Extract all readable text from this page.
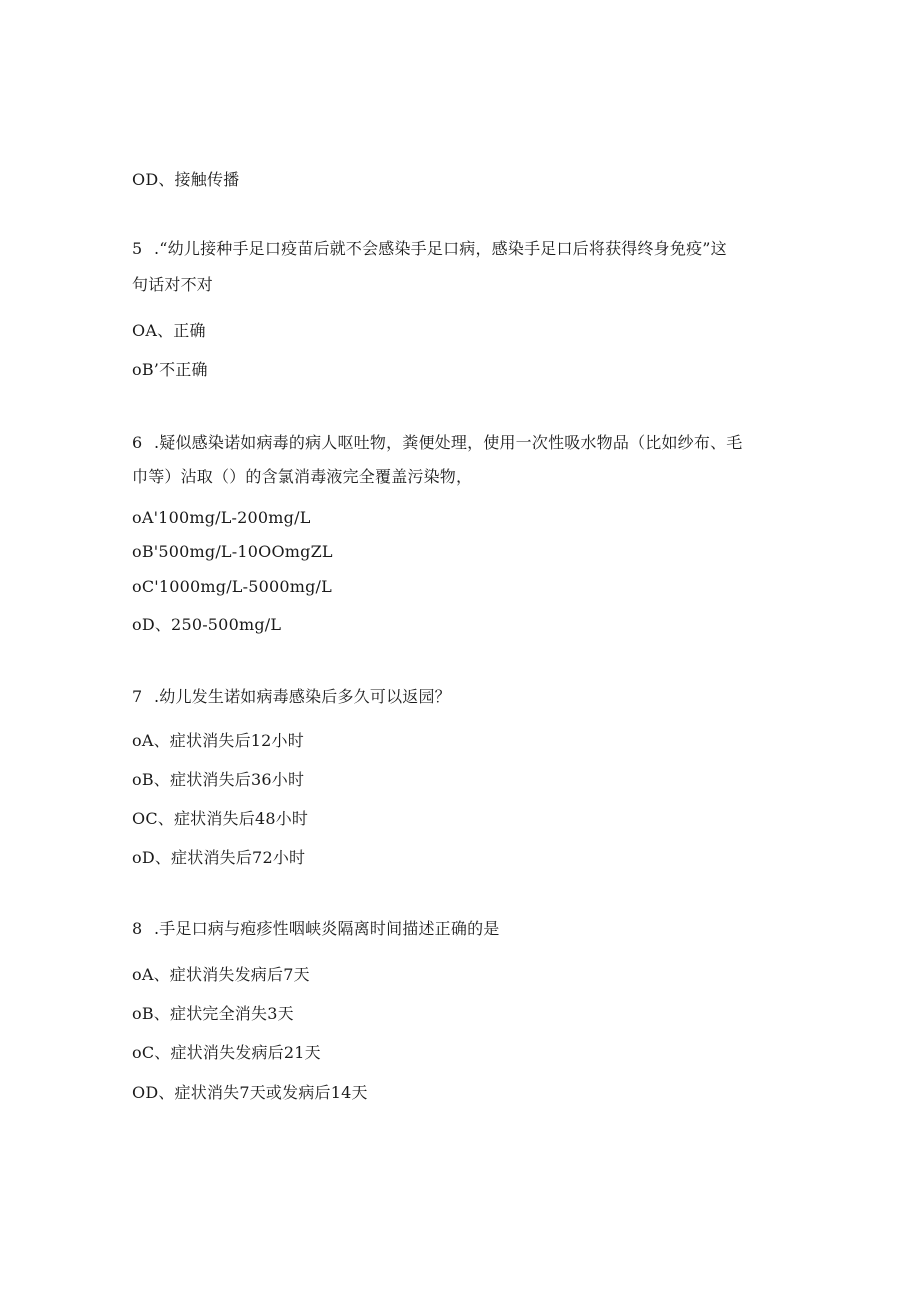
OD、接触传播
5 .“幼儿接种手足口疫苗后就不会感染手足口病，感染手足口后将获得终身免疫”这
句话对不对
OA、正确
oB’不正确
6 .疑似感染诺如病毒的病人呕吐物，粪便处理，使用一次性吸水物品（比如纱布、毛
巾等）沾取（）的含氯消毒液完全覆盖污染物，
oA'100mg∕L-200mg∕L
oB'500mg∕L-10OOmgZL
oC'1000mg∕L-5000mg∕L
oD、250-500mg∕L
7 .幼儿发生诺如病毒感染后多久可以返园？
oA、症状消失后12小时
oB、症状消失后36小时
OC、症状消失后48小时
oD、症状消失后72小时
8 .手足口病与疱疹性咽峡炎隔离时间描述正确的是
oA、症状消失发病后7天
oB、症状完全消失3天
oC、症状消失发病后21天
OD、症状消失7天或发病后14天
